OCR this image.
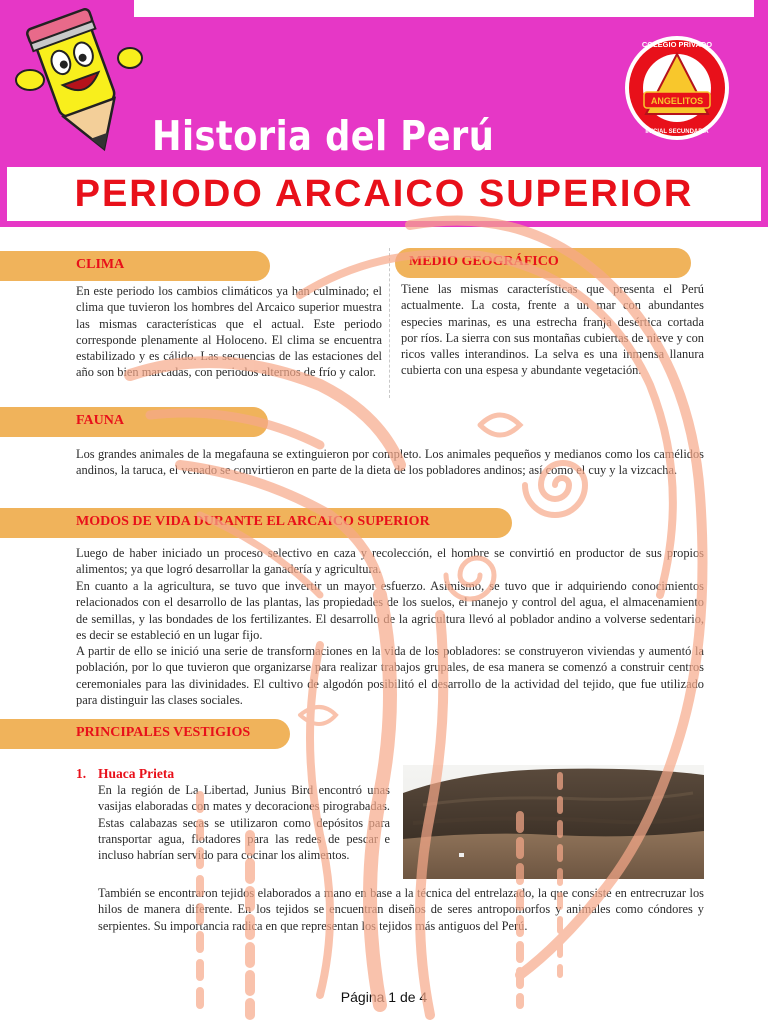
Historia del Perú
ANGELITOS
COLEGIO PRIVADO
INICIAL SECUNDARIA
PERIODO ARCAICO SUPERIOR
CLIMA
En este periodo los cambios climáticos ya han culminado; el clima que tuvieron los hombres del Arcaico superior muestra las mismas características que el actual. Este periodo corresponde plenamente al Holoceno. El clima se encuentra estabilizado y es cálido. Las secuencias de las estaciones del año son bien marcadas, con periodos alternos de frío y calor.
MEDIO GEOGRÁFICO
Tiene las mismas características que presenta el Perú actualmente. La costa, frente a un mar con abundantes especies marinas, es una estrecha franja desértica cortada por ríos. La sierra con sus montañas cubiertas de nieve y con ricos valles interandinos. La selva es una inmensa llanura cubierta con una espesa y abundante vegetación.
FAUNA
Los grandes animales de la megafauna se extinguieron por completo. Los animales pequeños y medianos como los camélidos andinos, la taruca, el venado se convirtieron en parte de la dieta de los pobladores andinos; así como el cuy y la vizcacha.
MODOS DE VIDA DURANTE EL ARCAICO SUPERIOR
Luego de haber iniciado un proceso selectivo en caza y recolección, el hombre se convirtió en productor de sus propios alimentos; ya que logró desarrollar la ganadería y agricultura.
En cuanto a la agricultura, se tuvo que invertir un mayor esfuerzo. Asimismo, se tuvo que ir adquiriendo conocimientos relacionados con el desarrollo de las plantas, las propiedades de los suelos, el manejo y control del agua, el almacenamiento de semillas, y las bondades de los fertilizantes. El desarrollo de la agricultura llevó al poblador andino a volverse sedentario, es decir se estableció en un lugar fijo.
A partir de ello se inició una serie de transformaciones en la vida de los pobladores: se construyeron viviendas y aumentó la población, por lo que tuvieron que organizarse para realizar trabajos grupales, de esa manera se comenzó a construir centros ceremoniales para las divinidades. El cultivo de algodón posibilitó el desarrollo de la actividad del tejido, que fue utilizado para distinguir las clases sociales.
PRINCIPALES VESTIGIOS
1. Huaca Prieta
En la región de La Libertad, Junius Bird encontró unas vasijas elaboradas con mates y decoraciones pirograbadas. Estas calabazas secas se utilizaron como depósitos para transportar agua, flotadores para las redes de pescar e incluso habrían servido para cocinar los alimentos.
También se encontraron tejidos elaborados a mano en base a la técnica del entrelazado, la que consiste en entrecruzar los hilos de manera diferente. En los tejidos se encuentran diseños de seres antropomorfos y animales como cóndores y serpientes. Su importancia radica en que representan los tejidos más antiguos del Perú.
Página 1 de 4
